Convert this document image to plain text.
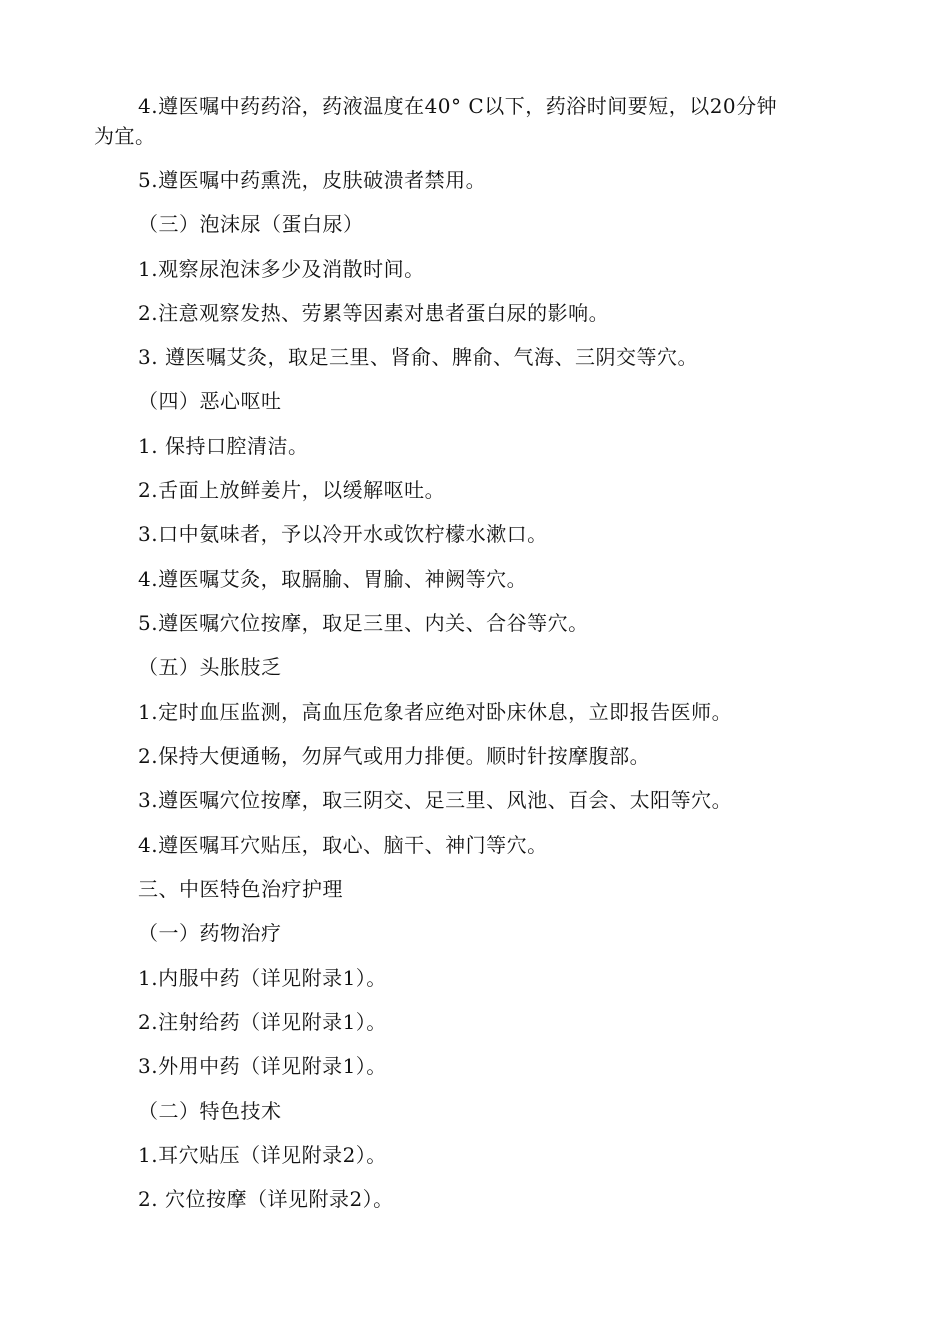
4.遵医嘱中药药浴，药液温度在40° C以下，药浴时间要短，以20分钟
为宜。
5.遵医嘱中药熏洗，皮肤破溃者禁用。
（三）泡沫尿（蛋白尿）
1.观察尿泡沫多少及消散时间。
2.注意观察发热、劳累等因素对患者蛋白尿的影响。
3. 遵医嘱艾灸，取足三里、肾俞、脾俞、气海、三阴交等穴。
（四）恶心呕吐
1. 保持口腔清洁。
2.舌面上放鲜姜片，以缓解呕吐。
3.口中氨味者，予以冷开水或饮柠檬水漱口。
4.遵医嘱艾灸，取膈腧、胃腧、神阙等穴。
5.遵医嘱穴位按摩，取足三里、内关、合谷等穴。
（五）头胀肢乏
1.定时血压监测，高血压危象者应绝对卧床休息，立即报告医师。
2.保持大便通畅，勿屏气或用力排便。顺时针按摩腹部。
3.遵医嘱穴位按摩，取三阴交、足三里、风池、百会、太阳等穴。
4.遵医嘱耳穴贴压，取心、脑干、神门等穴。
三、中医特色治疗护理
（一）药物治疗
1.内服中药（详见附录1）。
2.注射给药（详见附录1）。
3.外用中药（详见附录1）。
（二）特色技术
1.耳穴贴压（详见附录2）。
2. 穴位按摩（详见附录2）。
